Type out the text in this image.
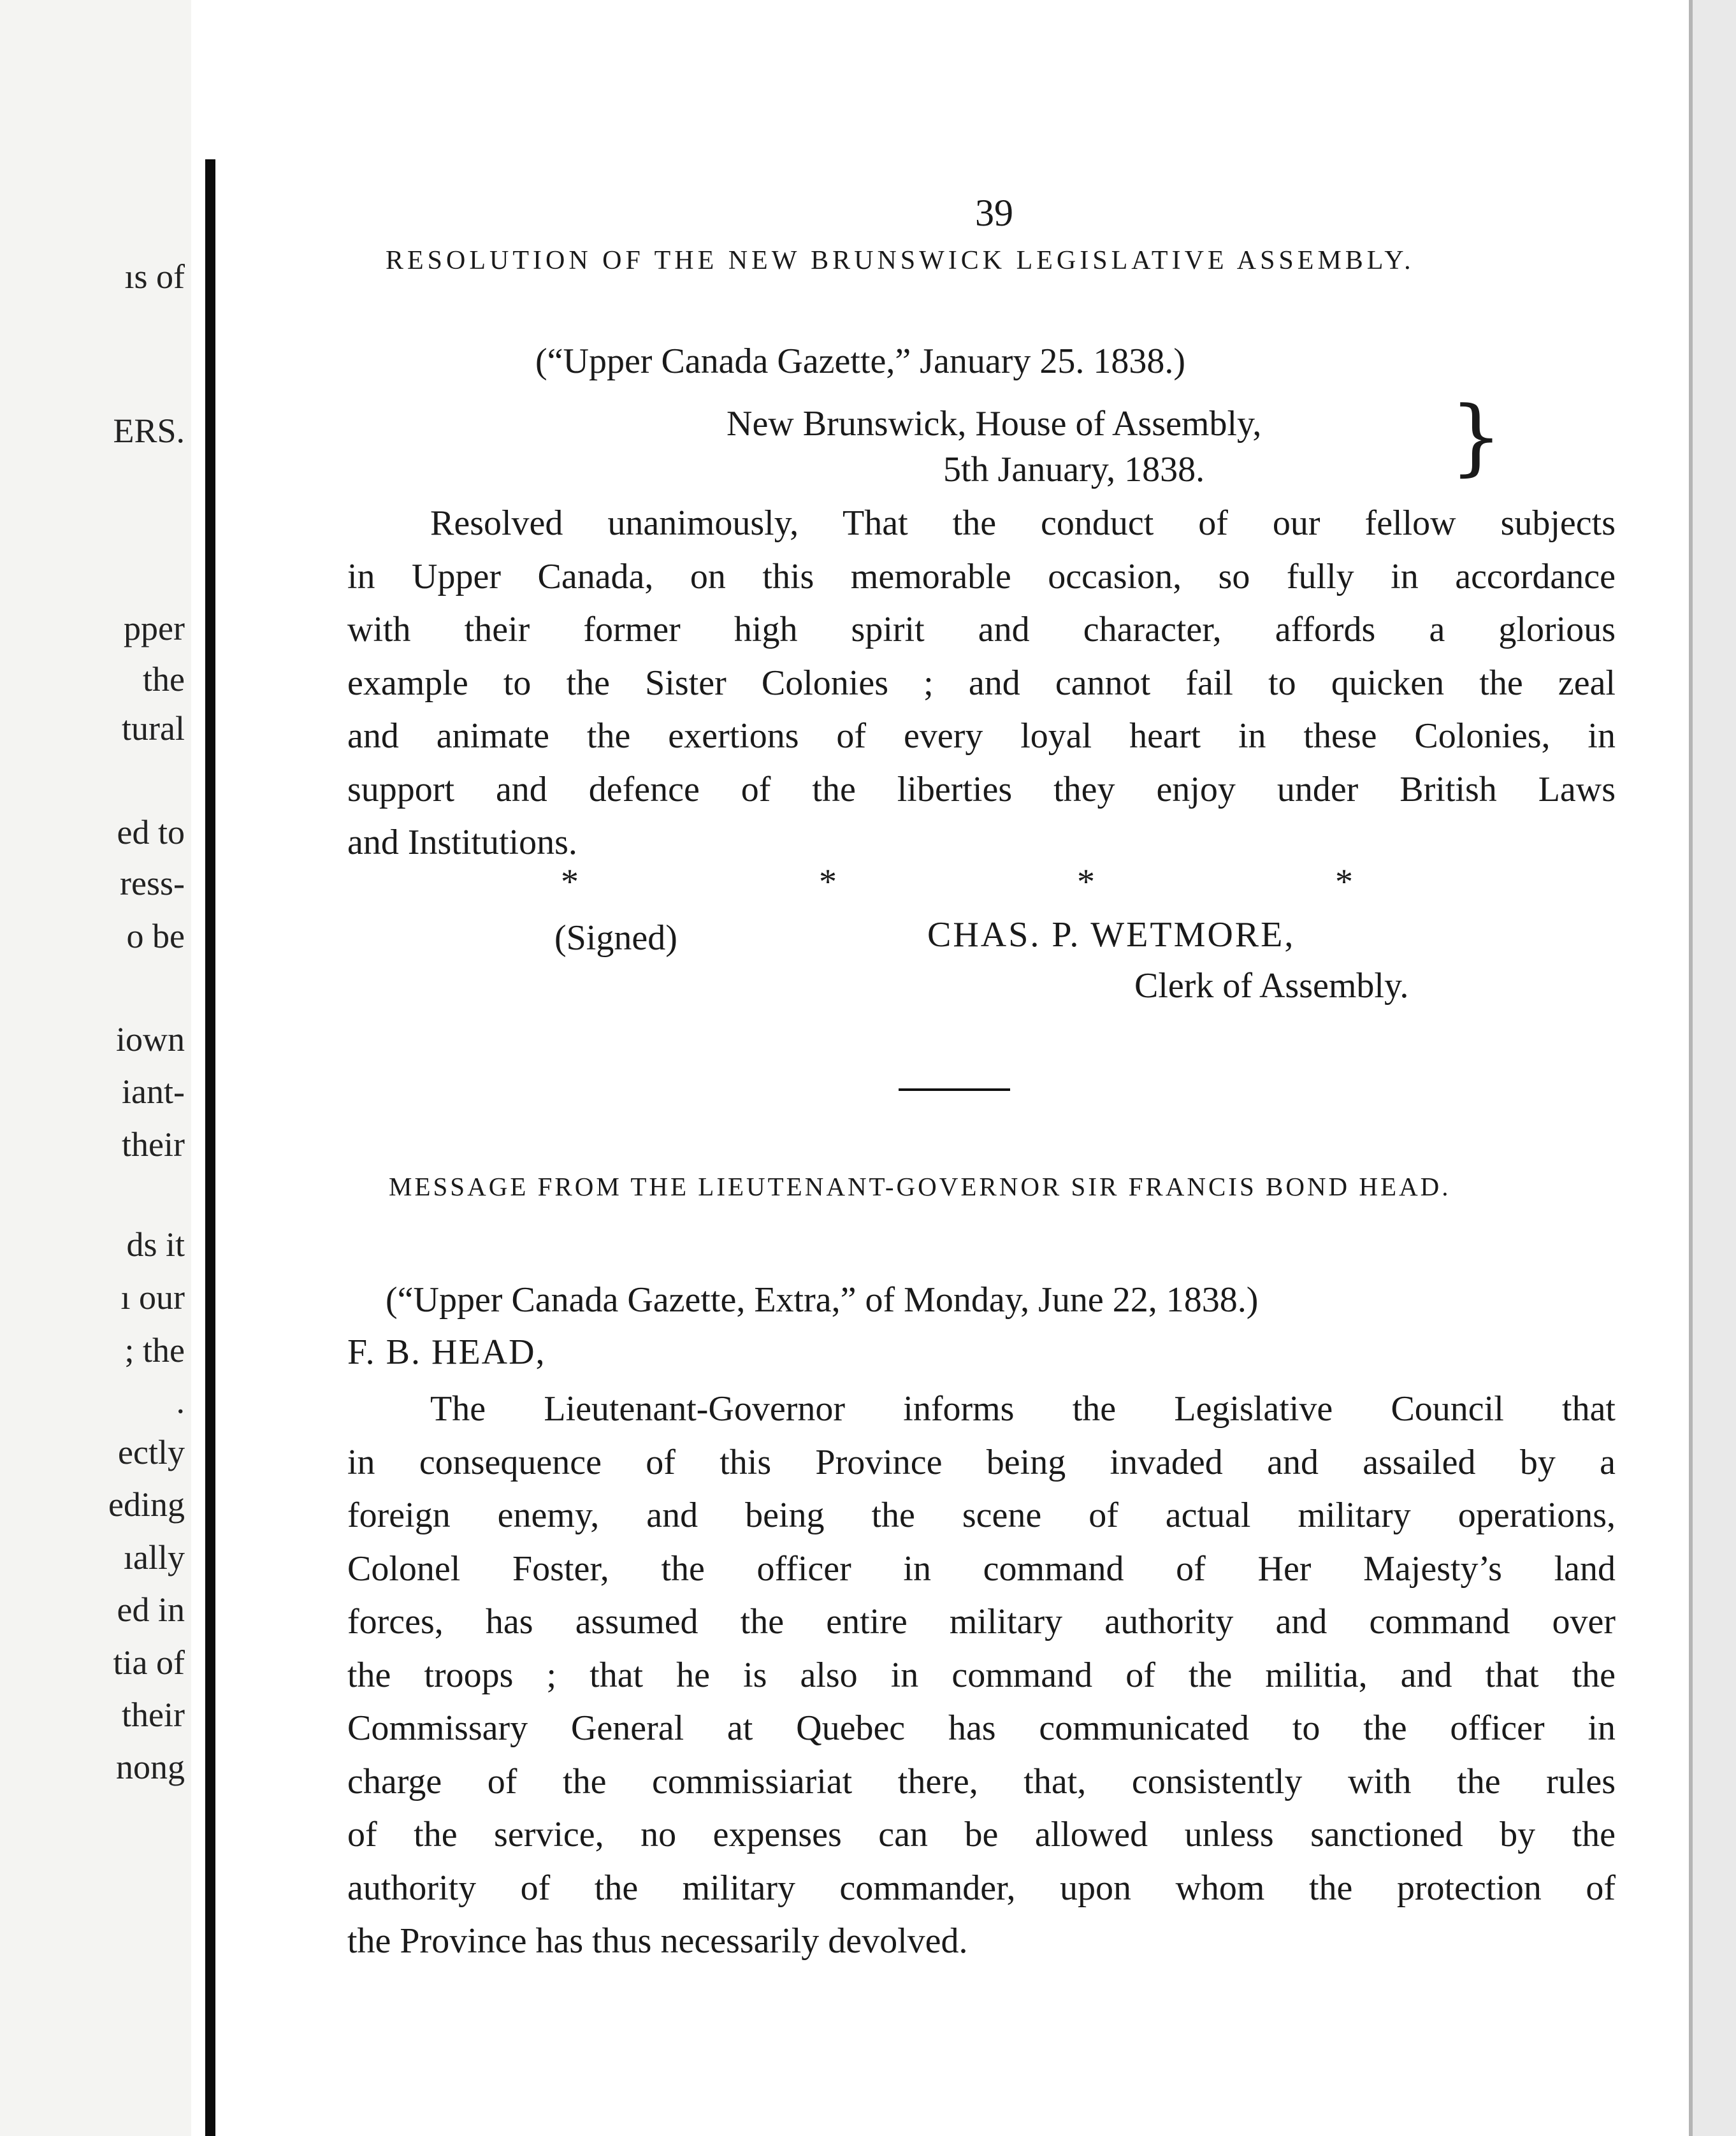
ıs of
ERS.
pper
the
tural
ed to
ress-
o be
iown
iant-
their
ds it
ı our
; the
.
ectly
eding
ıally
ed in
tia of
their
nong
39
RESOLUTION OF THE NEW BRUNSWICK LEGISLATIVE ASSEMBLY.
(“Upper Canada Gazette,” January 25. 1838.)
New Brunswick, House of Assembly,
5th January, 1838.	}
Resolved unanimously, That the conduct of our fellow subjects
in Upper Canada, on this memorable occasion, so fully in accordance
with their former high spirit and character, affords a glorious
example to the Sister Colonies ; and cannot fail to quicken the zeal
and animate the exertions of every loyal heart in these Colonies, in
support and defence of the liberties they enjoy under British Laws
and Institutions.
*	*	*	*
(Signed)	CHAS. P. WETMORE,
Clerk of Assembly.
MESSAGE FROM THE LIEUTENANT-GOVERNOR SIR FRANCIS BOND HEAD.
(“Upper Canada Gazette, Extra,” of Monday, June 22, 1838.)
F. B. HEAD,
The Lieutenant-Governor informs the Legislative Council that
in consequence of this Province being invaded and assailed by a
foreign enemy, and being the scene of actual military operations,
Colonel Foster, the officer in command of Her Majesty’s land
forces, has assumed the entire military authority and command over
the troops ; that he is also in command of the militia, and that the
Commissary General at Quebec has communicated to the officer in
charge of the commissiariat there, that, consistently with the rules
of the service, no expenses can be allowed unless sanctioned by the
authority of the military commander, upon whom the protection of
the Province has thus necessarily devolved.
